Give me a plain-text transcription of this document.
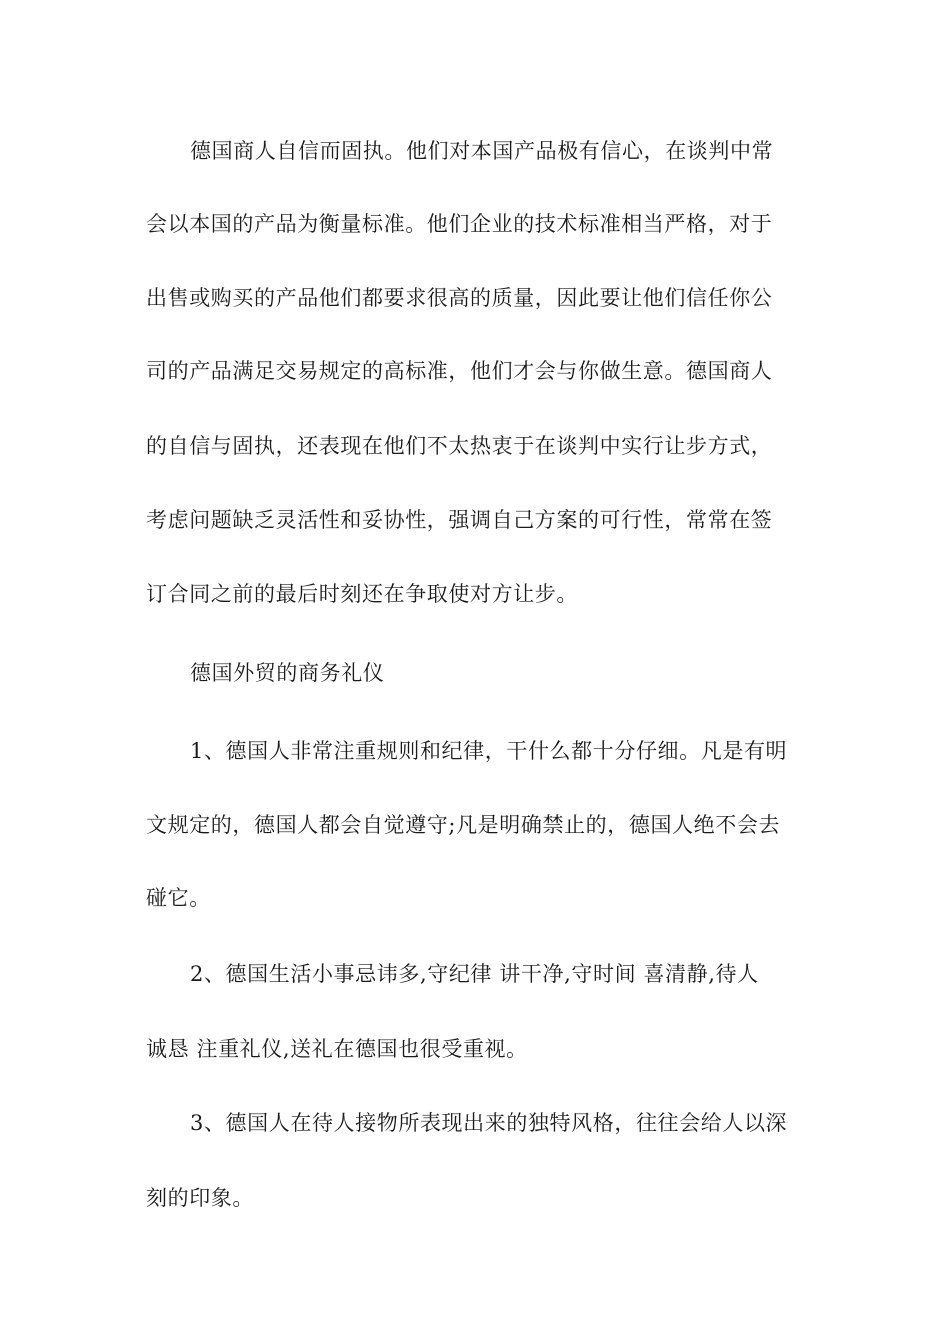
德国商人自信而固执。他们对本国产品极有信心，在谈判中常
会以本国的产品为衡量标准。他们企业的技术标准相当严格，对于
出售或购买的产品他们都要求很高的质量，因此要让他们信任你公
司的产品满足交易规定的高标准，他们才会与你做生意。德国商人
的自信与固执，还表现在他们不太热衷于在谈判中实行让步方式，
考虑问题缺乏灵活性和妥协性，强调自己方案的可行性，常常在签
订合同之前的最后时刻还在争取使对方让步。
德国外贸的商务礼仪
1、德国人非常注重规则和纪律，干什么都十分仔细。凡是有明
文规定的，德国人都会自觉遵守;凡是明确禁止的，德国人绝不会去
碰它。
2、德国生活小事忌讳多,守纪律 讲干净,守时间 喜清静,待人
诚恳 注重礼仪,送礼在德国也很受重视。
3、德国人在待人接物所表现出来的独特风格，往往会给人以深
刻的印象。
